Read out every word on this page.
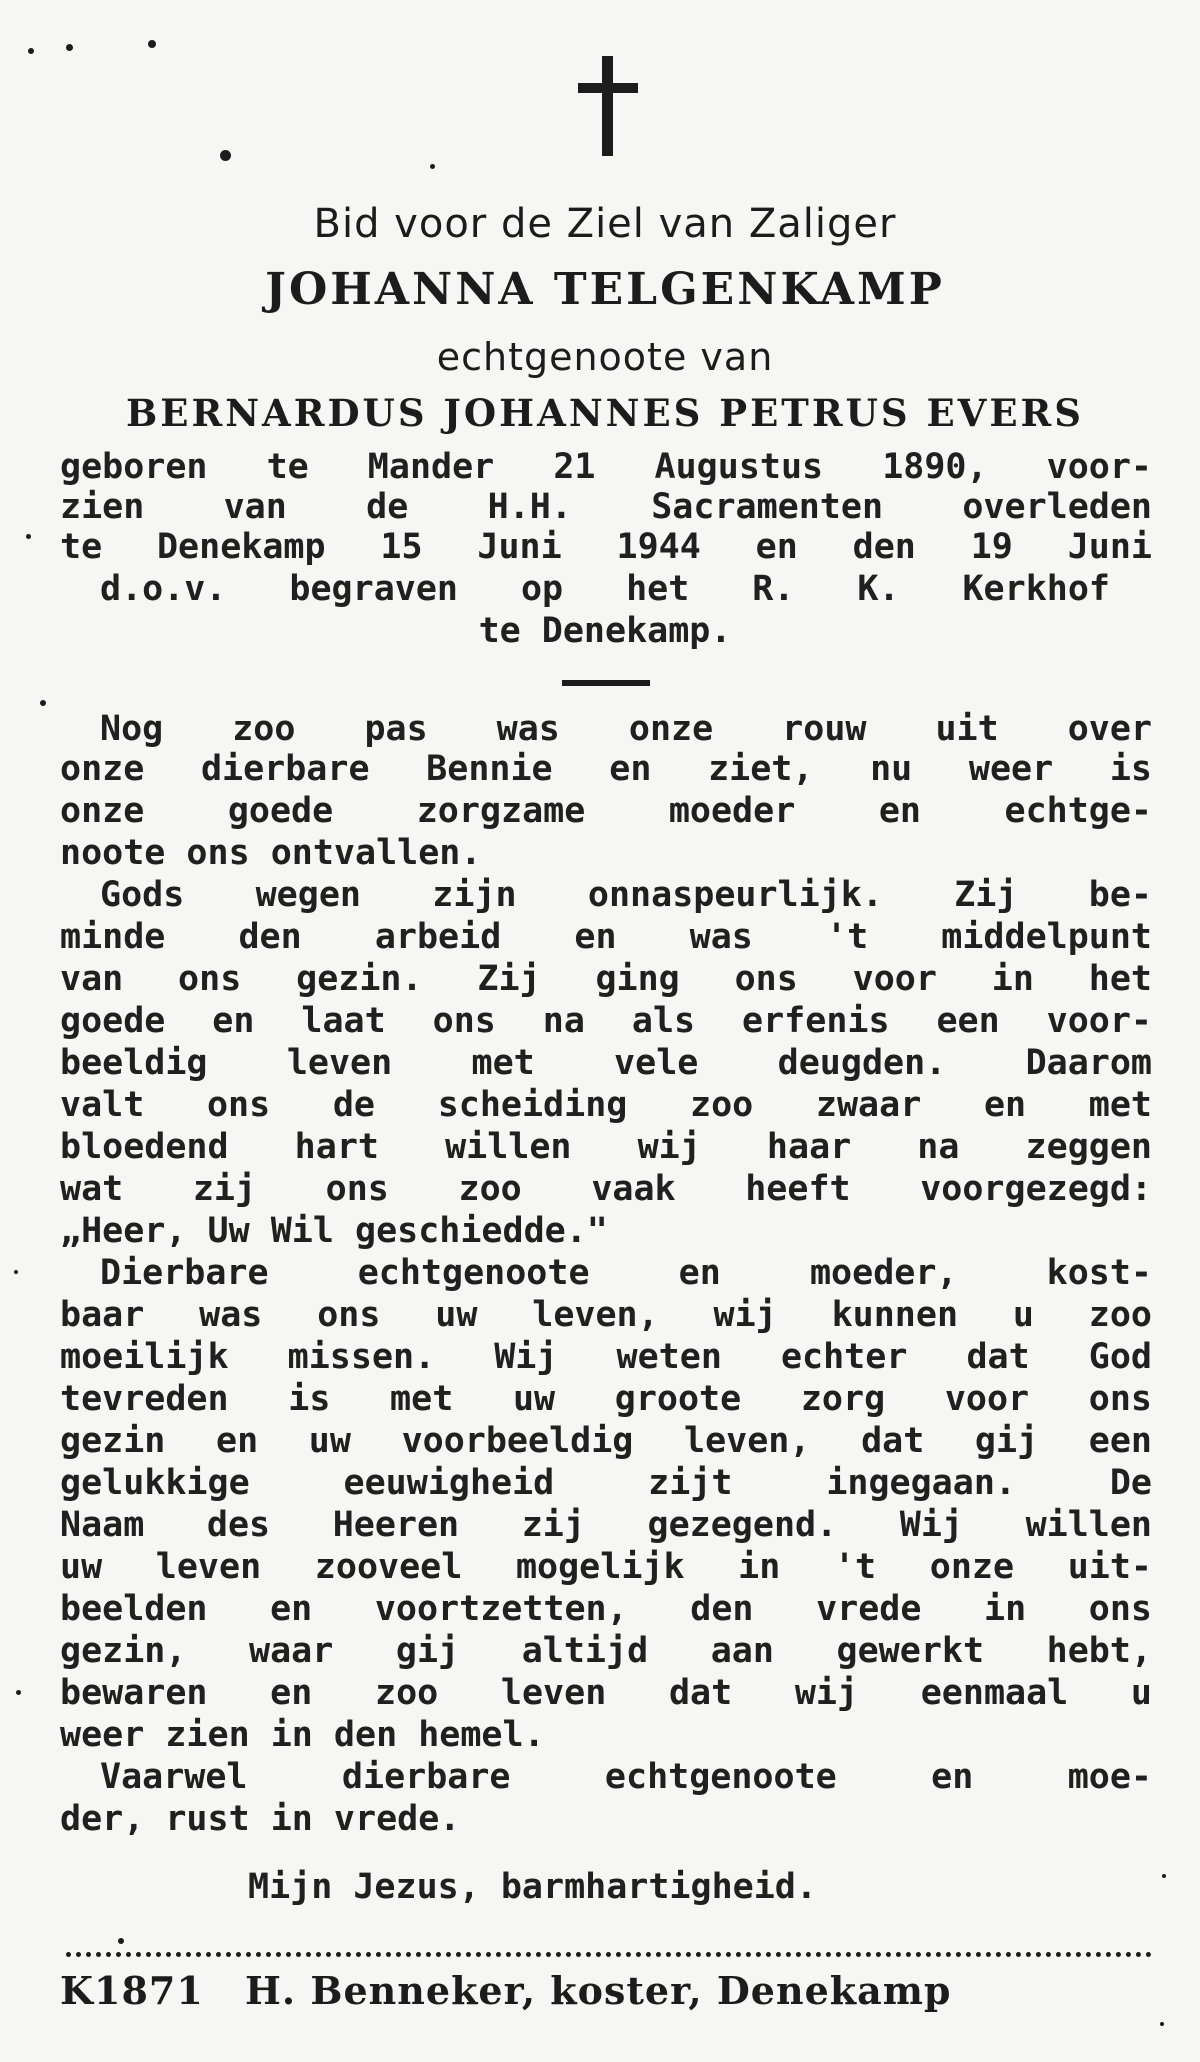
Bid voor de Ziel van Zaliger
JOHANNA TELGENKAMP
echtgenoote van
BERNARDUS JOHANNES PETRUS EVERS
geboren te Mander 21 Augustus 1890, voor-
zien van de H.H. Sacramenten overleden
te Denekamp 15 Juni 1944 en den 19 Juni
d.o.v. begraven op het R. K. Kerkhof
te Denekamp.
Nog zoo pas was onze rouw uit over
onze dierbare Bennie en ziet, nu weer is
onze goede zorgzame moeder en echtge-
noote ons ontvallen.
Gods wegen zijn onnaspeurlijk. Zij be-
minde den arbeid en was 't middelpunt
van ons gezin. Zij ging ons voor in het
goede en laat ons na als erfenis een voor-
beeldig leven met vele deugden. Daarom
valt ons de scheiding zoo zwaar en met
bloedend hart willen wij haar na zeggen
wat zij ons zoo vaak heeft voorgezegd:
„Heer, Uw Wil geschiedde."
Dierbare echtgenoote en moeder, kost-
baar was ons uw leven, wij kunnen u zoo
moeilijk missen. Wij weten echter dat God
tevreden is met uw groote zorg voor ons
gezin en uw voorbeeldig leven, dat gij een
gelukkige eeuwigheid zijt ingegaan. De
Naam des Heeren zij gezegend. Wij willen
uw leven zooveel mogelijk in 't onze uit-
beelden en voortzetten, den vrede in ons
gezin, waar gij altijd aan gewerkt hebt,
bewaren en zoo leven dat wij eenmaal u
weer zien in den hemel.
Vaarwel dierbare echtgenoote en moe-
der, rust in vrede.
Mijn Jezus, barmhartigheid.
K1871 H. Benneker, koster, Denekamp
